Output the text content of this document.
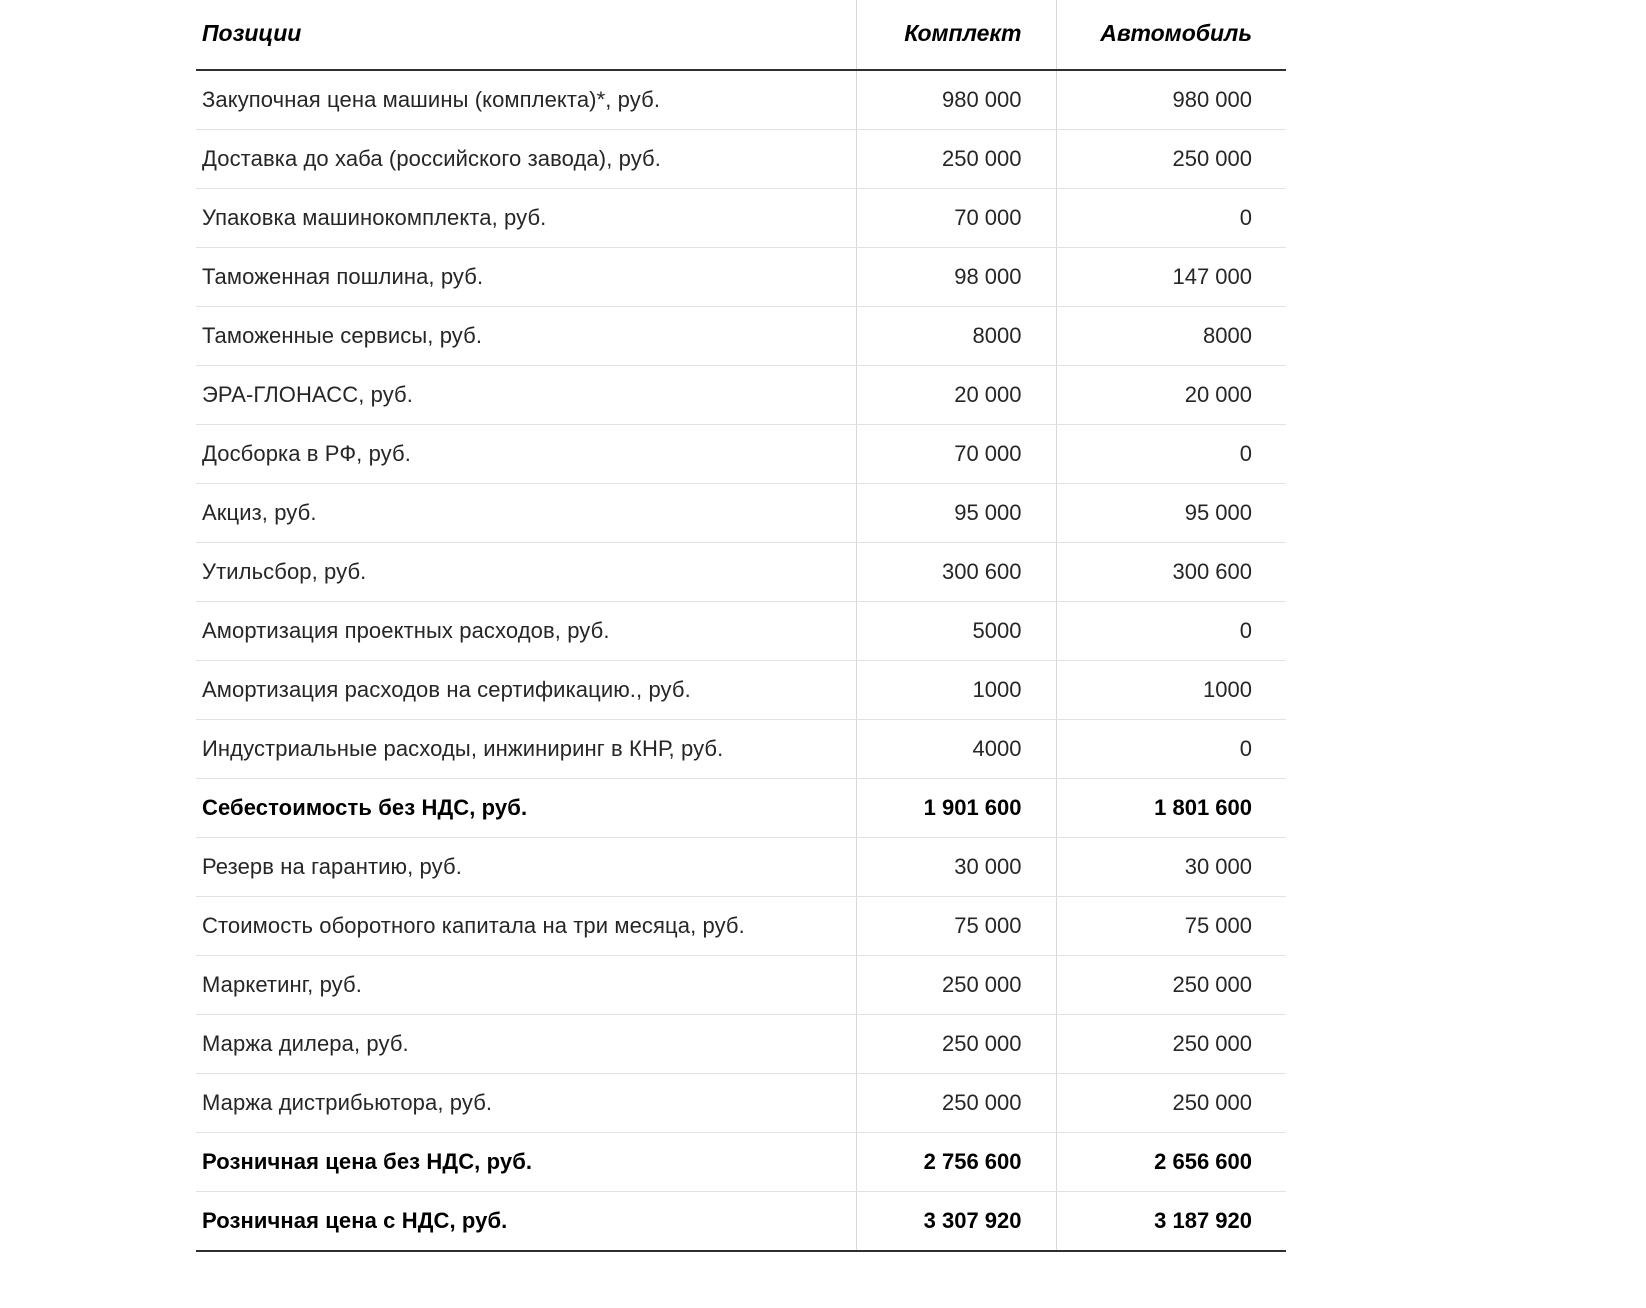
Позиции	Комплект	Автомобиль
Закупочная цена машины (комплекта)*, руб.	980 000	980 000
Доставка до хаба (российского завода), руб.	250 000	250 000
Упаковка машинокомплекта, руб.	70 000	0
Таможенная пошлина, руб.	98 000	147 000
Таможенные сервисы, руб.	8000	8000
ЭРА-ГЛОНАСС, руб.	20 000	20 000
Досборка в РФ, руб.	70 000	0
Акциз, руб.	95 000	95 000
Утильсбор, руб.	300 600	300 600
Амортизация проектных расходов, руб.	5000	0
Амортизация расходов на сертификацию., руб.	1000	1000
Индустриальные расходы, инжиниринг в КНР, руб.	4000	0
Себестоимость без НДС, руб.	1 901 600	1 801 600
Резерв на гарантию, руб.	30 000	30 000
Стоимость оборотного капитала на три месяца, руб.	75 000	75 000
Маркетинг, руб.	250 000	250 000
Маржа дилера, руб.	250 000	250 000
Маржа дистрибьютора, руб.	250 000	250 000
Розничная цена без НДС, руб.	2 756 600	2 656 600
Розничная цена с НДС, руб.	3 307 920	3 187 920
